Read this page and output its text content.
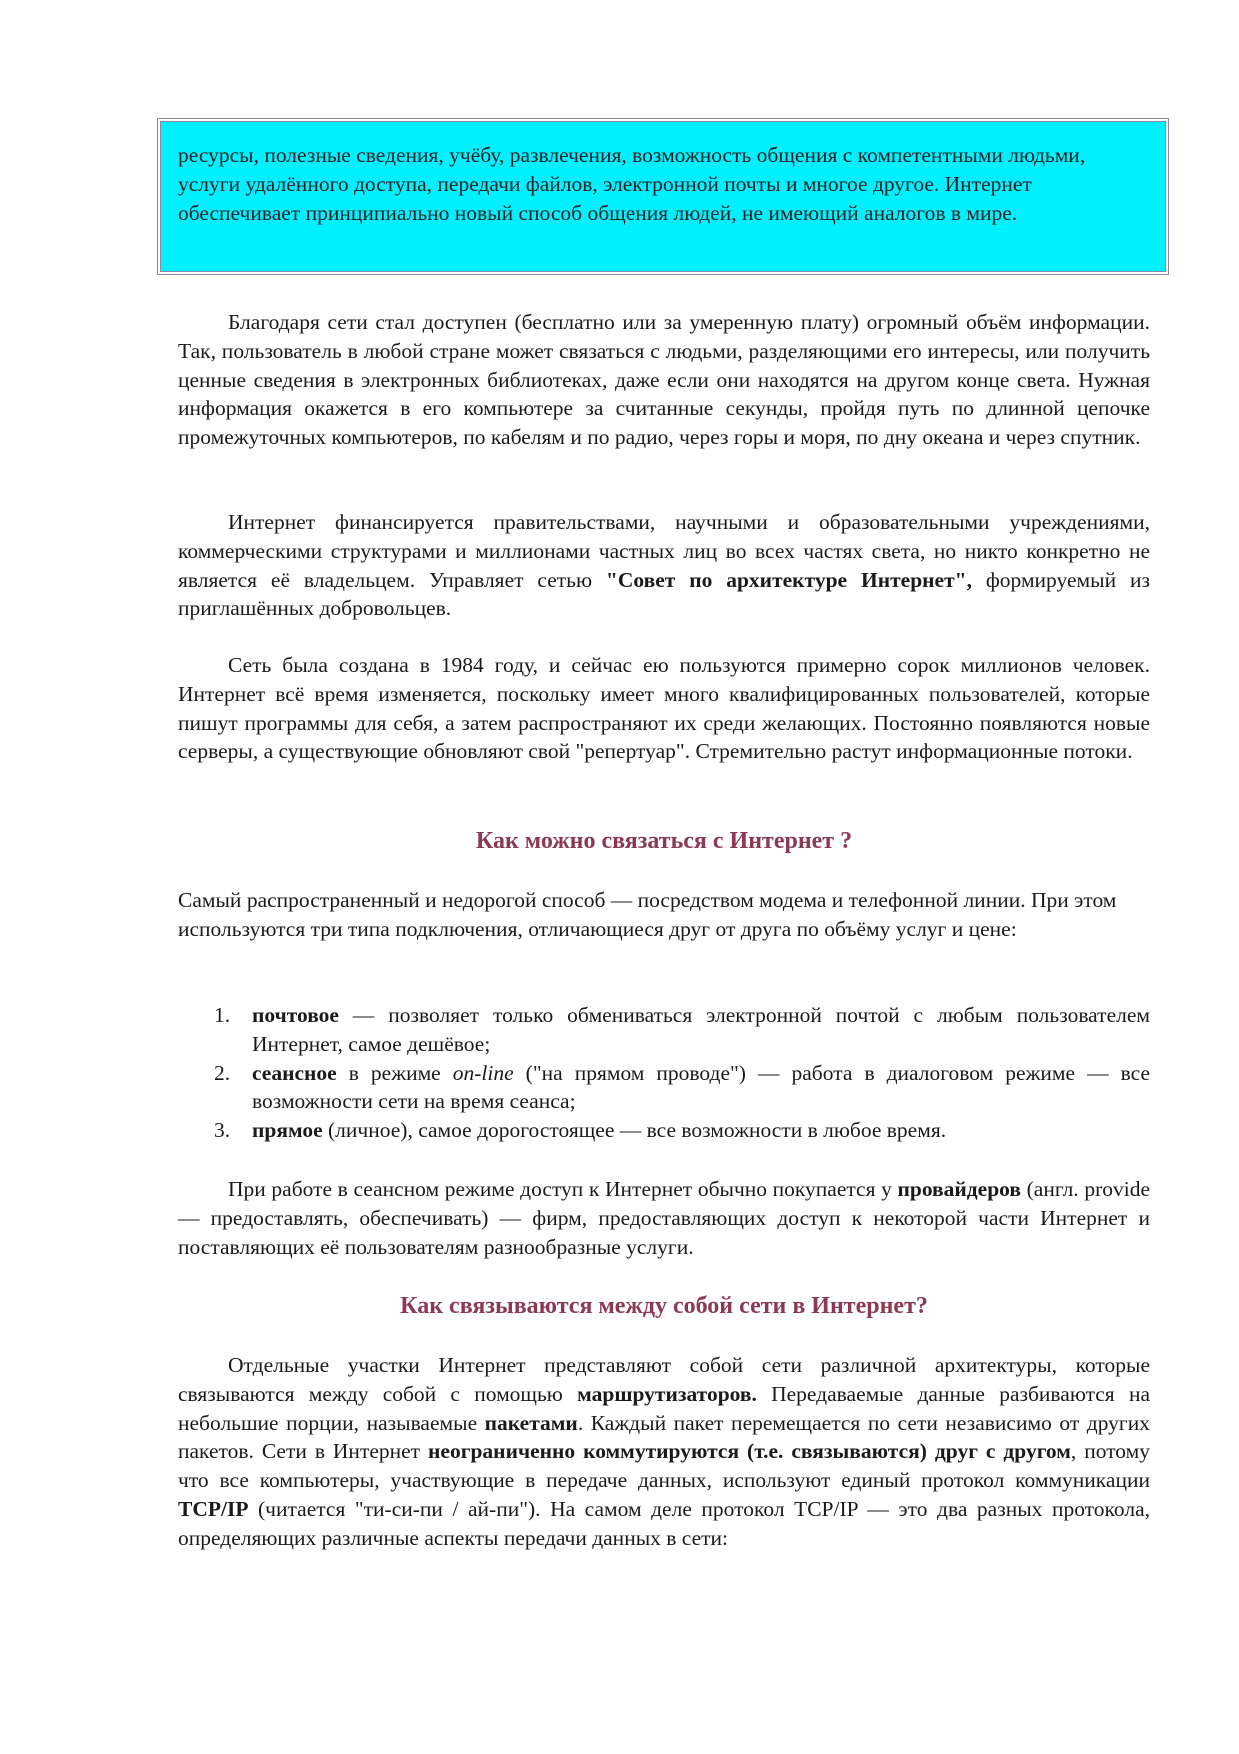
ресурсы, полезные сведения, учёбу, развлечения, возможность общения с компетентными людьми, услуги удалённого доступа, передачи файлов, электронной почты и многое другое. Интернет обеспечивает принципиально новый способ общения людей, не имеющий аналогов в мире.

Благодаря сети стал доступен (бесплатно или за умеренную плату) огромный объём информации. Так, пользователь в любой стране может связаться с людьми, разделяющими его интересы, или получить ценные сведения в электронных библиотеках, даже если они находятся на другом конце света. Нужная информация окажется в его компьютере за считанные секунды, пройдя путь по длинной цепочке промежуточных компьютеров, по кабелям и по радио, через горы и моря, по дну океана и через спутник.

Интернет финансируется правительствами, научными и образовательными учреждениями, коммерческими структурами и миллионами частных лиц во всех частях света, но никто конкретно не является её владельцем. Управляет сетью "Совет по архитектуре Интернет", формируемый из приглашённых добровольцев.

Сеть была создана в 1984 году, и сейчас ею пользуются примерно сорок миллионов человек. Интернет всё время изменяется, поскольку имеет много квалифицированных пользователей, которые пишут программы для себя, а затем распространяют их среди желающих. Постоянно появляются новые серверы, а существующие обновляют свой "репертуар". Стремительно растут информационные потоки.

Как можно связаться с Интернет ?

Самый распространенный и недорогой способ — посредством модема и телефонной линии. При этом используются три типа подключения, отличающиеся друг от друга по объёму услуг и цене:

1. почтовое — позволяет только обмениваться электронной почтой с любым пользователем Интернет, самое дешёвое;
2. сеансное в режиме on-line ("на прямом проводе") — работа в диалоговом режиме — все возможности сети на время сеанса;
3. прямое (личное), самое дорогостоящее — все возможности в любое время.

При работе в сеансном режиме доступ к Интернет обычно покупается у провайдеров (англ. provide — предоставлять, обеспечивать) — фирм, предоставляющих доступ к некоторой части Интернет и поставляющих её пользователям разнообразные услуги.

Как связываются между собой сети в Интернет?

Отдельные участки Интернет представляют собой сети различной архитектуры, которые связываются между собой с помощью маршрутизаторов. Передаваемые данные разбиваются на небольшие порции, называемые пакетами. Каждый пакет перемещается по сети независимо от других пакетов. Сети в Интернет неограниченно коммутируются (т.е. связываются) друг с другом, потому что все компьютеры, участвующие в передаче данных, используют единый протокол коммуникации TCP/IP (читается "ти-си-пи / ай-пи"). На самом деле протокол TCP/IP — это два разных протокола, определяющих различные аспекты передачи данных в сети:
